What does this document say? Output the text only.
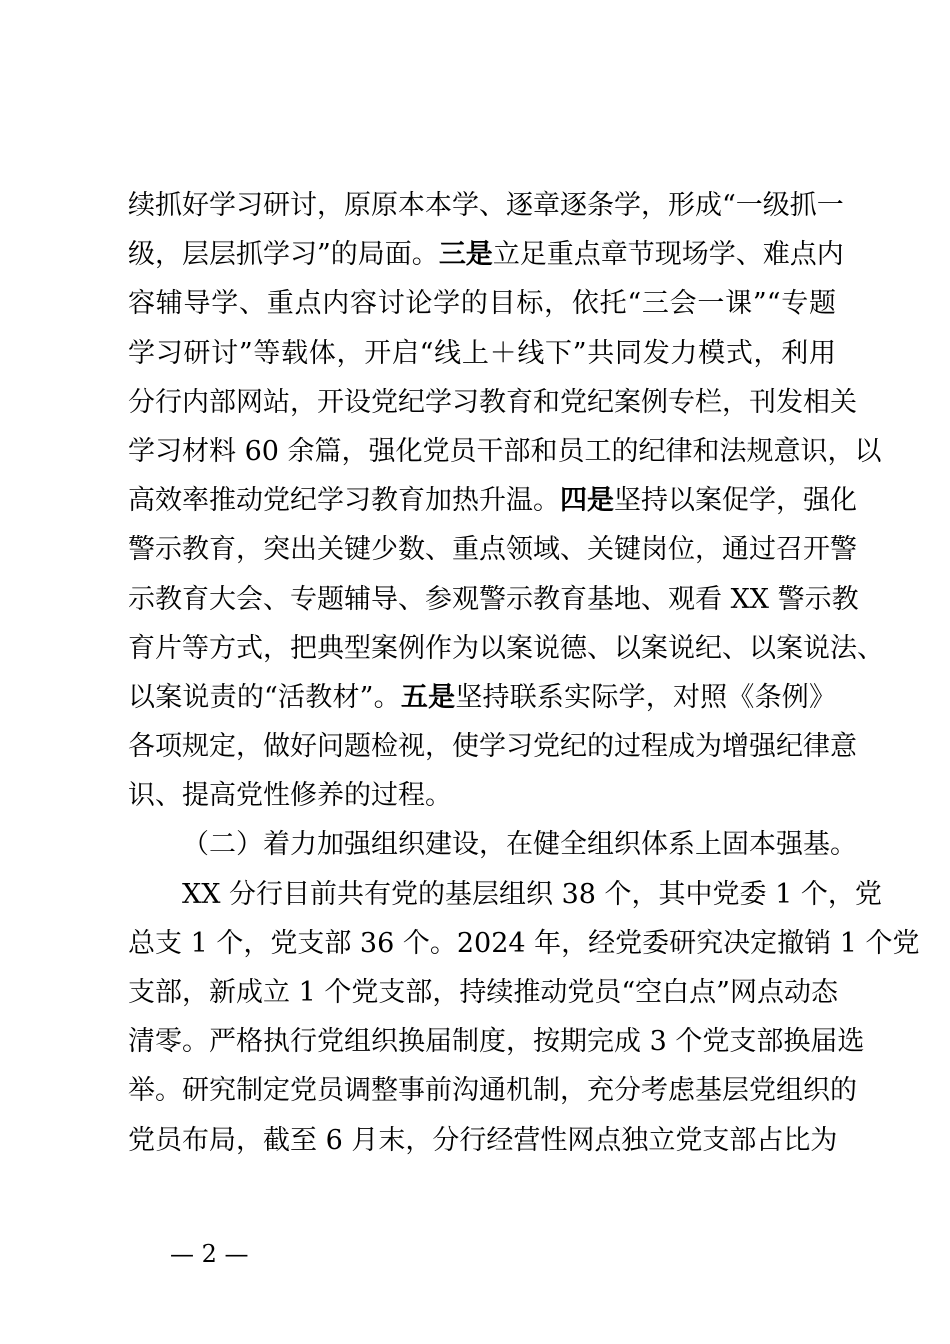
续抓好学习研讨，原原本本学、逐章逐条学，形成“一级抓一
级，层层抓学习”的局面。三是立足重点章节现场学、难点内
容辅导学、重点内容讨论学的目标，依托“三会一课”“专题
学习研讨”等载体，开启“线上＋线下”共同发力模式，利用
分行内部网站，开设党纪学习教育和党纪案例专栏，刊发相关
学习材料 60 余篇，强化党员干部和员工的纪律和法规意识，以
高效率推动党纪学习教育加热升温。四是坚持以案促学，强化
警示教育，突出关键少数、重点领域、关键岗位，通过召开警
示教育大会、专题辅导、参观警示教育基地、观看 XX 警示教
育片等方式，把典型案例作为以案说德、以案说纪、以案说法、
以案说责的“活教材”。五是坚持联系实际学，对照《条例》
各项规定，做好问题检视，使学习党纪的过程成为增强纪律意
识、提高党性修养的过程。
（二）着力加强组织建设，在健全组织体系上固本强基。
XX 分行目前共有党的基层组织 38 个，其中党委 1 个，党
总支 1 个，党支部 36 个。2024 年，经党委研究决定撤销 1 个党
支部，新成立 1 个党支部，持续推动党员“空白点”网点动态
清零。严格执行党组织换届制度，按期完成 3 个党支部换届选
举。研究制定党员调整事前沟通机制，充分考虑基层党组织的
党员布局，截至 6 月末，分行经营性网点独立党支部占比为
— 2 —
